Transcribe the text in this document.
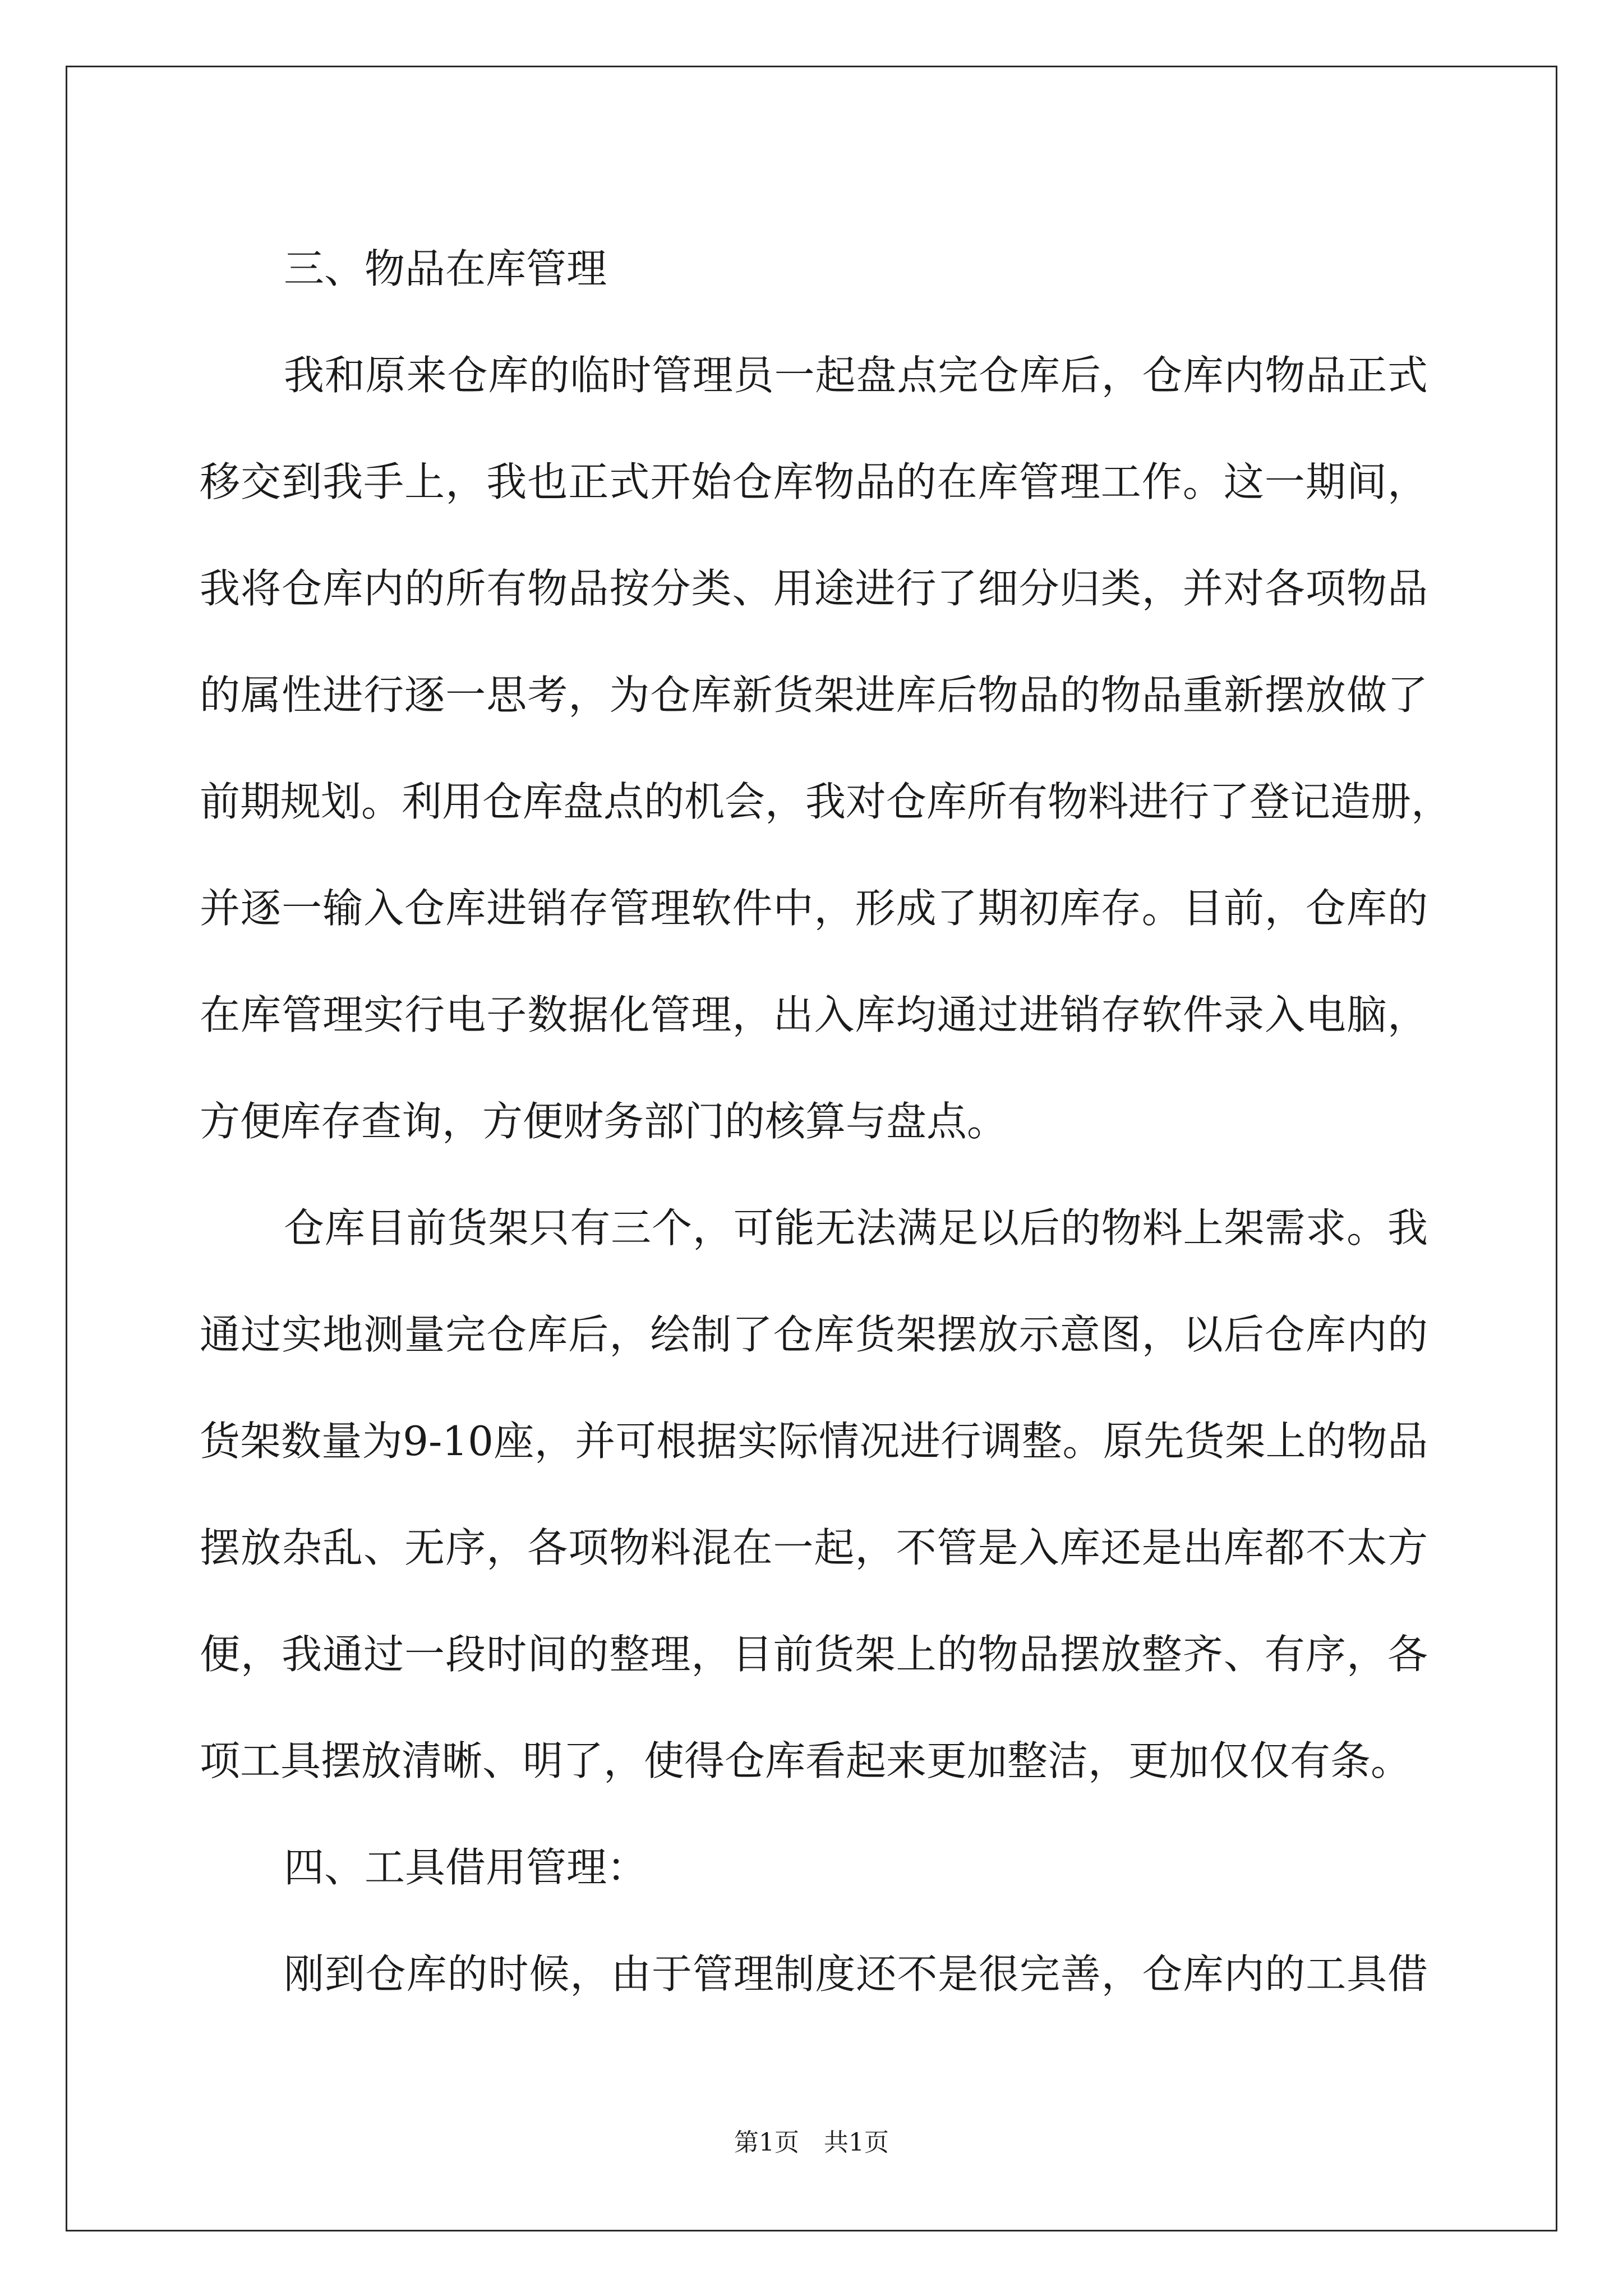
三、物品在库管理
我和原来仓库的临时管理员一起盘点完仓库后，仓库内物品正式
移交到我手上，我也正式开始仓库物品的在库管理工作。这一期间，
我将仓库内的所有物品按分类、用途进行了细分归类，并对各项物品
的属性进行逐一思考，为仓库新货架进库后物品的物品重新摆放做了
前期规划。利用仓库盘点的机会，我对仓库所有物料进行了登记造册，
并逐一输入仓库进销存管理软件中，形成了期初库存。目前，仓库的
在库管理实行电子数据化管理，出入库均通过进销存软件录入电脑，
方便库存查询，方便财务部门的核算与盘点。
仓库目前货架只有三个，可能无法满足以后的物料上架需求。我
通过实地测量完仓库后，绘制了仓库货架摆放示意图，以后仓库内的
货架数量为9-10座，并可根据实际情况进行调整。原先货架上的物品
摆放杂乱、无序，各项物料混在一起，不管是入库还是出库都不太方
便，我通过一段时间的整理，目前货架上的物品摆放整齐、有序，各
项工具摆放清晰、明了，使得仓库看起来更加整洁，更加仅仅有条。
四、工具借用管理：
刚到仓库的时候，由于管理制度还不是很完善，仓库内的工具借
第1页　共1页
